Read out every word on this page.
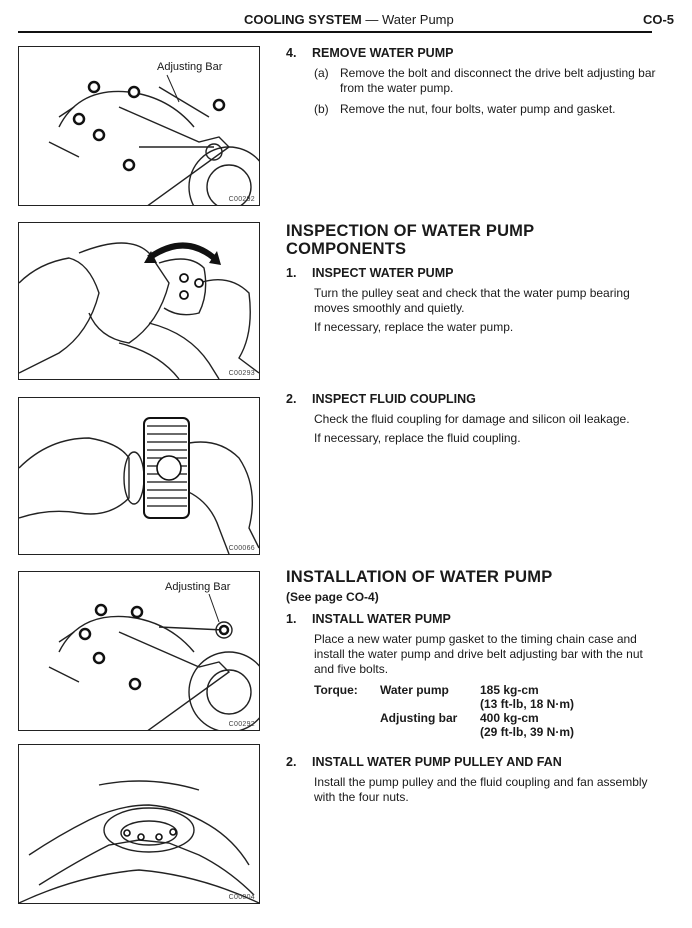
COOLING SYSTEM — Water Pump	CO-5
Adjusting Bar
C00292
C00293
C00066
Adjusting Bar
C00292
C00004
4. REMOVE WATER PUMP
(a) Remove the bolt and disconnect the drive belt adjusting bar from the water pump.
(b) Remove the nut, four bolts, water pump and gasket.
INSPECTION OF WATER PUMP COMPONENTS
1. INSPECT WATER PUMP
Turn the pulley seat and check that the water pump bearing moves smoothly and quietly.
If necessary, replace the water pump.
2. INSPECT FLUID COUPLING
Check the fluid coupling for damage and silicon oil leakage.
If necessary, replace the fluid coupling.
INSTALLATION OF WATER PUMP
(See page CO-4)
1. INSTALL WATER PUMP
Place a new water pump gasket to the timing chain case and install the water pump and drive belt adjusting bar with the nut and five bolts.
Torque: Water pump	185 kg-cm
(13 ft-lb, 18 N·m)
Adjusting bar 400 kg-cm
(29 ft-lb, 39 N·m)
2. INSTALL WATER PUMP PULLEY AND FAN
Install the pump pulley and the fluid coupling and fan assembly with the four nuts.
